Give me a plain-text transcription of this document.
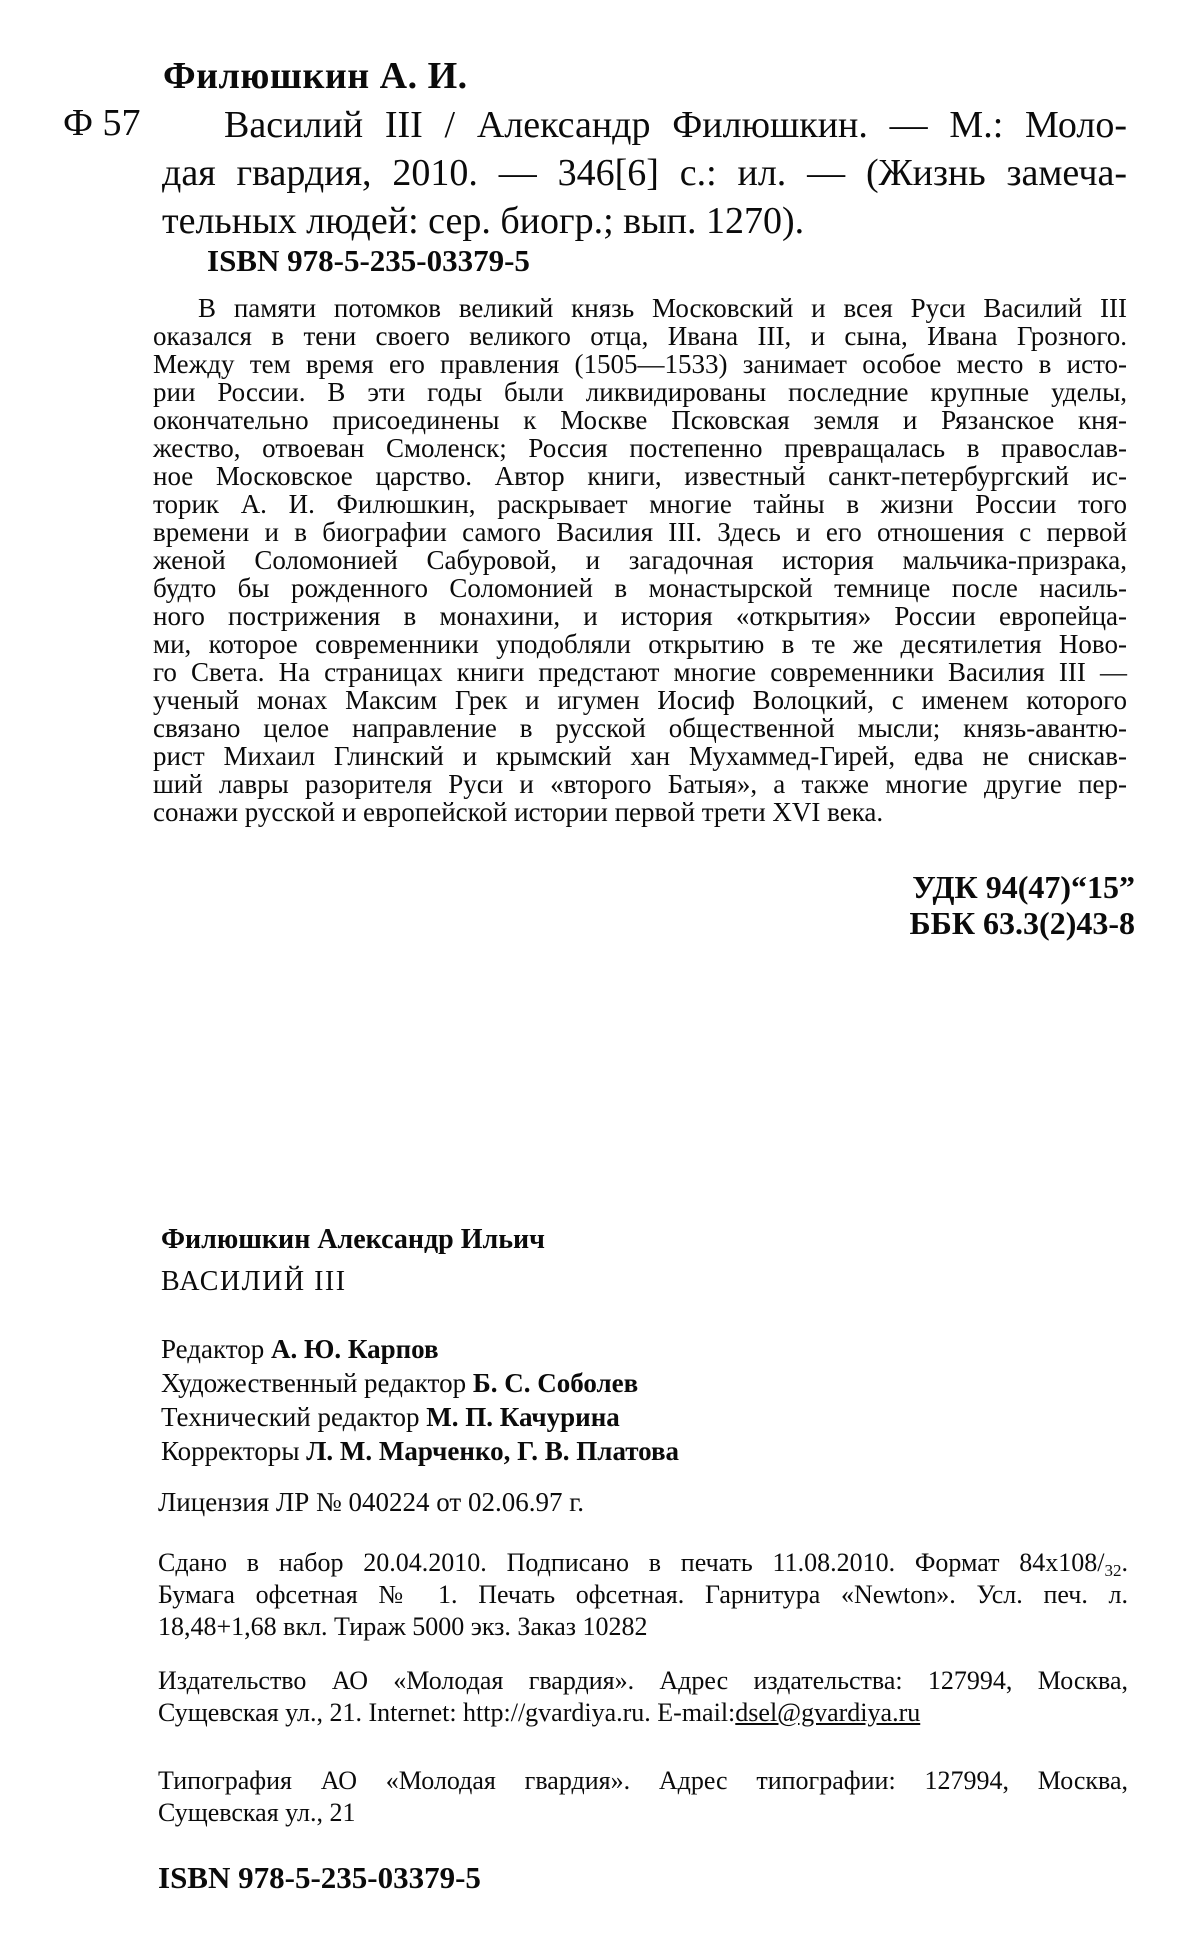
Филюшкин А. И.
Ф 57	Василий III / Александр Филюшкин. — М.: Моло-
дая гвардия, 2010. — 346[6] с.: ил. — (Жизнь замеча-
тельных людей: сер. биогр.; вып. 1270).
ISBN 978-5-235-03379-5
В памяти потомков великий князь Московский и всея Руси Василий III
оказался в тени своего великого отца, Ивана III, и сына, Ивана Грозного.
Между тем время его правления (1505—1533) занимает особое место в исто-
рии России. В эти годы были ликвидированы последние крупные уделы,
окончательно присоединены к Москве Псковская земля и Рязанское кня-
жество, отвоеван Смоленск; Россия постепенно превращалась в православ-
ное Московское царство. Автор книги, известный санкт-петербургский ис-
торик А. И. Филюшкин, раскрывает многие тайны в жизни России того
времени и в биографии самого Василия III. Здесь и его отношения с первой
женой Соломонией Сабуровой, и загадочная история мальчика-призрака,
будто бы рожденного Соломонией в монастырской темнице после насиль-
ного пострижения в монахини, и история «открытия» России европейца-
ми, которое современники уподобляли открытию в те же десятилетия Ново-
го Света. На страницах книги предстают многие современники Василия III —
ученый монах Максим Грек и игумен Иосиф Волоцкий, с именем которого
связано целое направление в русской общественной мысли; князь-авантю-
рист Михаил Глинский и крымский хан Мухаммед-Гирей, едва не снискав-
ший лавры разорителя Руси и «второго Батыя», а также многие другие пер-
сонажи русской и европейской истории первой трети XVI века.
УДК 94(47)“15”
ББК 63.3(2)43-8
Филюшкин Александр Ильич
ВАСИЛИЙ III
Редактор А. Ю. Карпов
Художественный редактор Б. С. Соболев
Технический редактор М. П. Качурина
Корректоры Л. М. Марченко, Г. В. Платова
Лицензия ЛР № 040224 от 02.06.97 г.
Сдано в набор 20.04.2010. Подписано в печать 11.08.2010. Формат $84х108/_{32}$.
Бумага офсетная № 1. Печать офсетная. Гарнитура «Newton». Усл. печ. л.
18,48+1,68 вкл. Тираж 5000 экз. Заказ 10282
Издательство АО «Молодая гвардия». Адрес издательства: 127994, Москва,
Сущевская ул., 21. Internet: http://gvardiya.ru. E-mail:dsel@gvardiya.ru
Типография АО «Молодая гвардия». Адрес типографии: 127994, Москва,
Сущевская ул., 21
ISBN 978-5-235-03379-5
